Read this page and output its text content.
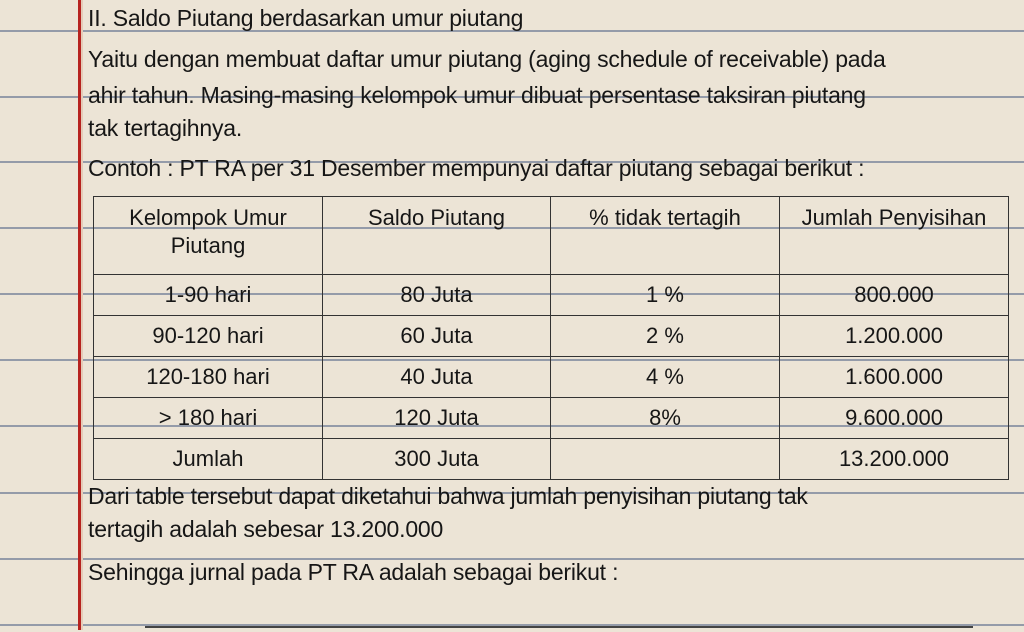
II. Saldo Piutang berdasarkan umur piutang
Yaitu dengan membuat daftar umur piutang (aging schedule of receivable) pada
ahir tahun. Masing-masing kelompok umur dibuat persentase taksiran piutang
tak tertagihnya.
Contoh : PT RA per 31 Desember mempunyai daftar piutang sebagai berikut :
Kelompok Umur Piutang	Saldo Piutang	% tidak tertagih	Jumlah Penyisihan
1-90 hari	80 Juta	1 %	800.000
90-120 hari	60 Juta	2 %	1.200.000
120-180 hari	40 Juta	4 %	1.600.000
> 180 hari	120 Juta	8%	9.600.000
Jumlah	300 Juta		13.200.000
Dari table tersebut dapat diketahui bahwa jumlah penyisihan piutang tak
tertagih adalah sebesar 13.200.000
Sehingga jurnal pada PT RA adalah sebagai berikut :
